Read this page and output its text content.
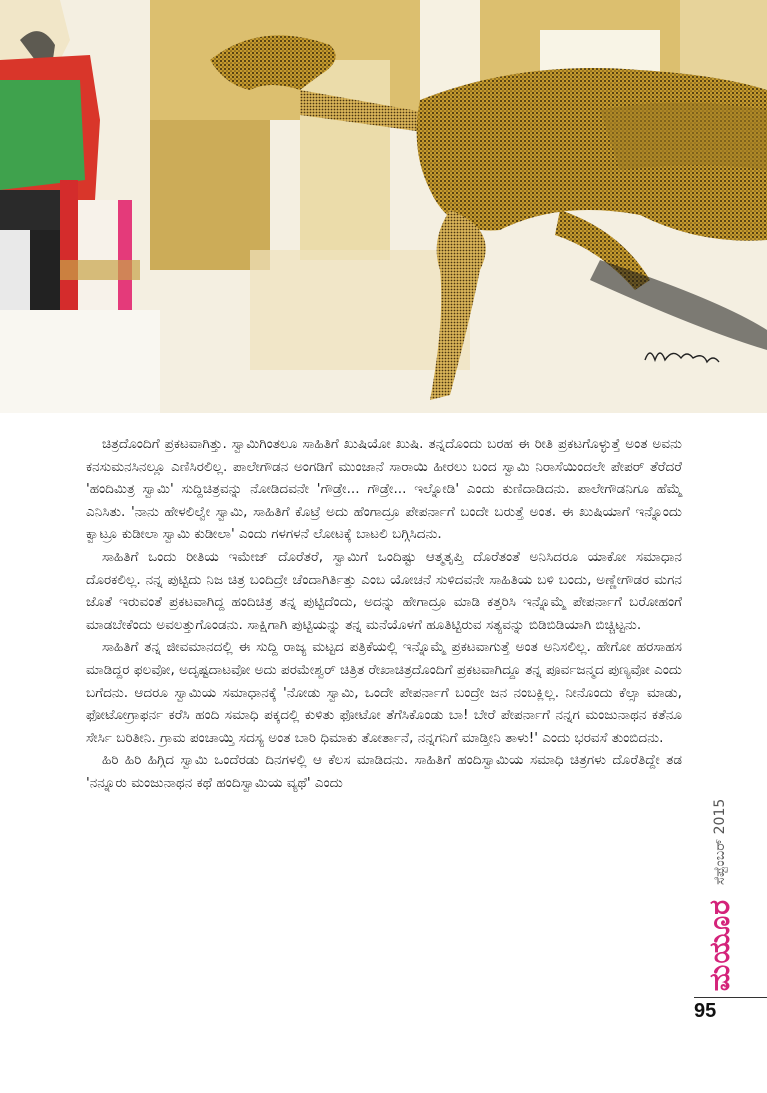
ಚಿತ್ರದೊಂದಿಗೆ ಪ್ರಕಟವಾಗಿತ್ತು. ಸ್ವಾಮಿಗಿಂತಲೂ ಸಾಹಿತಿಗೆ ಖುಷಿಯೋ ಖುಷಿ. ತನ್ನದೊಂದು ಬರಹ ಈ ರೀತಿ ಪ್ರಕಟಗೊಳ್ಳುತ್ತೆ ಅಂತ ಅವನು ಕನಸುಮನಸಿನಲ್ಲೂ ಎಣಿಸಿರಲಿಲ್ಲ. ಪಾಲೇಗೌಡನ ಅಂಗಡಿಗೆ ಮುಂಜಾನೆ ಸಾರಾಯಿ ಹೀರಲು ಬಂದ ಸ್ವಾಮಿ ನಿರಾಸೆಯಿಂದಲೇ ಪೇಪರ್ ತೆರೆದರೆ 'ಹಂದಿಮಿತ್ರ ಸ್ವಾಮಿ' ಸುದ್ದಿಚಿತ್ರವನ್ನು ನೋಡಿದವನೇ 'ಗೌಡ್ರೇ... ಗೌಡ್ರೇ... ಇಲ್ನೋಡಿ' ಎಂದು ಕುಣಿದಾಡಿದನು. ಪಾಲೇಗೌಡನಿಗೂ ಹೆಮ್ಮೆ ಎನಿಸಿತು. 'ನಾನು ಹೇಳಲಿಲ್ವೇ ಸ್ವಾಮಿ, ಸಾಹಿತಿಗೆ ಕೊಟ್ರೆ ಅದು ಹೆಂಗಾದ್ರೂ ಪೇಪರ್ನಾಗೆ ಬಂದೇ ಬರುತ್ತೆ ಅಂತ. ಈ ಖುಷಿಯಾಗೆ ಇನ್ನೊಂದು ಕ್ವಾಟ್ರೂ ಕುಡೀಲಾ ಸ್ವಾಮಿ ಕುಡೀಲಾ' ಎಂದು ಗಳಗಳನೆ ಲೋಟಕ್ಕೆ ಬಾಟಲಿ ಬಗ್ಗಿಸಿದನು.

ಸಾಹಿತಿಗೆ ಒಂದು ರೀತಿಯ ಇಮೇಜ್ ದೊರೆತರೆ, ಸ್ವಾಮಿಗೆ ಒಂದಿಷ್ಟು ಆತ್ಮತೃಪ್ತಿ ದೊರೆತಂತೆ ಅನಿಸಿದರೂ ಯಾಕೋ ಸಮಾಧಾನ ದೊರಕಲಿಲ್ಲ. ನನ್ನ ಪುಟ್ಟಿದು ನಿಜ ಚಿತ್ರ ಬಂದಿದ್ರೇ ಚೆಂದಾಗಿರ್ತಿತ್ತು ಎಂಬ ಯೋಚನೆ ಸುಳಿದವನೇ ಸಾಹಿತಿಯ ಬಳಿ ಬಂದು, ಅಣ್ಣೇಗೌಡರ ಮಗನ ಜೊತೆ ಇರುವಂತೆ ಪ್ರಕಟವಾಗಿದ್ದ ಹಂದಿಚಿತ್ರ ತನ್ನ ಪುಟ್ಟಿದೆಂದು, ಅದನ್ನು ಹೇಗಾದ್ರೂ ಮಾಡಿ ಕತ್ತರಿಸಿ ಇನ್ನೊಮ್ಮೆ ಪೇಪರ್ನಾಗೆ ಬರೋಹಂಗೆ ಮಾಡಬೇಕೆಂದು ಅವಲತ್ತುಗೊಂಡನು. ಸಾಕ್ಷಿಗಾಗಿ ಪುಟ್ಟಿಯನ್ನು ತನ್ನ ಮನೆಯೊಳಗೆ ಹೂತಿಟ್ಟಿರುವ ಸತ್ಯವನ್ನು ಬಿಡಿಬಿಡಿಯಾಗಿ ಬಿಚ್ಚಿಟ್ಟನು.

ಸಾಹಿತಿಗೆ ತನ್ನ ಜೀವಮಾನದಲ್ಲಿ ಈ ಸುದ್ದಿ ರಾಜ್ಯ ಮಟ್ಟದ ಪತ್ರಿಕೆಯಲ್ಲಿ ಇನ್ನೊಮ್ಮೆ ಪ್ರಕಟವಾಗುತ್ತೆ ಅಂತ ಅನಿಸಲಿಲ್ಲ. ಹೇಗೋ ಹರಸಾಹಸ ಮಾಡಿದ್ದರ ಫಲವೋ, ಅದೃಷ್ಟದಾಟವೋ ಅದು ಪರಮೇಶ್ವರ್ ಚಿತ್ರಿತ ರೇಖಾಚಿತ್ರದೊಂದಿಗೆ ಪ್ರಕಟವಾಗಿದ್ದೂ ತನ್ನ ಪೂರ್ವಜನ್ಮದ ಪುಣ್ಯವೋ ಎಂದು ಬಗೆದನು. ಆದರೂ ಸ್ವಾಮಿಯ ಸಮಾಧಾನಕ್ಕೆ 'ನೋಡು ಸ್ವಾಮಿ, ಒಂದೇ ಪೇಪರ್ನಾಗೆ ಬಂದ್ರೇ ಜನ ನಂಬಕ್ಲಿಲ್ಲ. ನೀನೊಂದು ಕೆಲ್ಸಾ ಮಾಡು, ಫೋಟೋಗ್ರಾಫರ್ನ ಕರೆಸಿ ಹಂದಿ ಸಮಾಧಿ ಪಕ್ಕದಲ್ಲಿ ಕುಳಿತು ಫೋಟೋ ತೆಗೆಸಿಕೊಂಡು ಬಾ! ಬೇರೆ ಪೇಪರ್ನಾಗೆ ನನ್ನಗ ಮಂಜುನಾಥನ ಕತೆನೂ ಸೇರ್ಸಿ ಬರಿತೀನಿ. ಗ್ರಾಮ ಪಂಚಾಯ್ತಿ ಸದಸ್ಯ ಅಂತ ಬಾರಿ ಧಿಮಾಕು ತೋರ್ತಾನೆ, ನನ್ನಗನಿಗೆ ಮಾಡ್ತೀನಿ ತಾಳು!' ಎಂದು ಭರವಸೆ ತುಂಬಿದನು.

ಹಿರಿ ಹಿರಿ ಹಿಗ್ಗಿದ ಸ್ವಾಮಿ ಒಂದೆರಡು ದಿನಗಳಲ್ಲಿ ಆ ಕೆಲಸ ಮಾಡಿದನು. ಸಾಹಿತಿಗೆ ಹಂದಿಸ್ವಾಮಿಯ ಸಮಾಧಿ ಚಿತ್ರಗಳು ದೊರೆತಿದ್ದೇ ತಡ 'ನನ್ನೂರು ಮಂಜುನಾಥನ ಕಥೆ ಹಂದಿಸ್ವಾಮಿಯ ವ್ಯಥೆ' ಎಂದು

ಮಯೂರ
ಸೆಪ್ಟೆಂಬರ್ 2015
95
